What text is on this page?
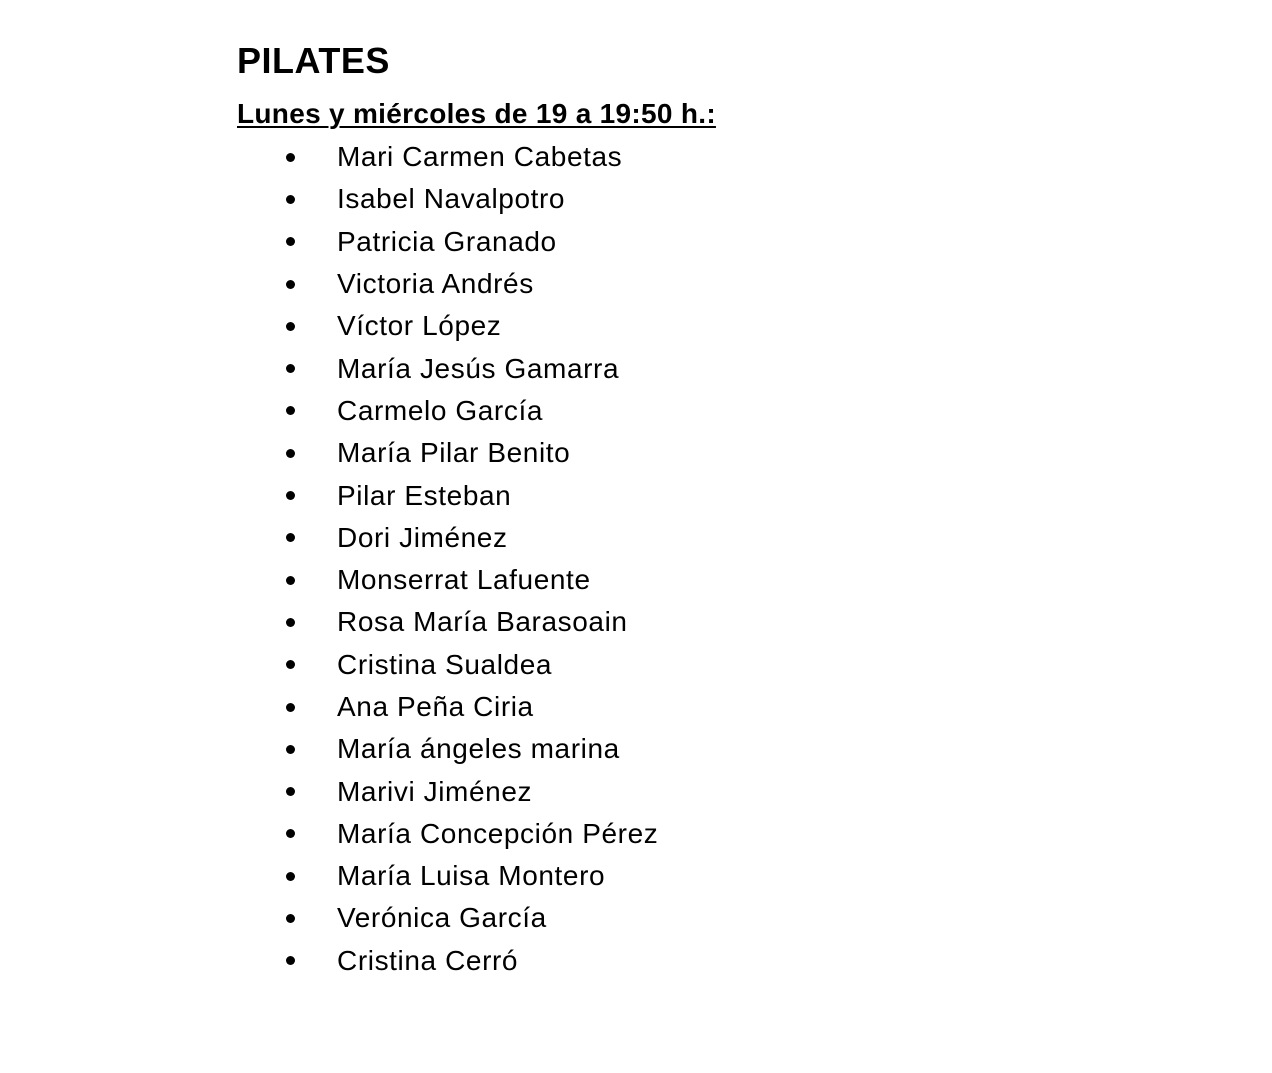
PILATES
Lunes y miércoles de 19 a 19:50 h.:
Mari Carmen Cabetas
Isabel Navalpotro
Patricia Granado
Victoria Andrés
Víctor López
María Jesús Gamarra
Carmelo García
María Pilar Benito
Pilar Esteban
Dori Jiménez
Monserrat Lafuente
Rosa María Barasoain
Cristina Sualdea
Ana Peña Ciria
María ángeles marina
Marivi Jiménez
María Concepción Pérez
María Luisa Montero
Verónica García
Cristina Cerró
